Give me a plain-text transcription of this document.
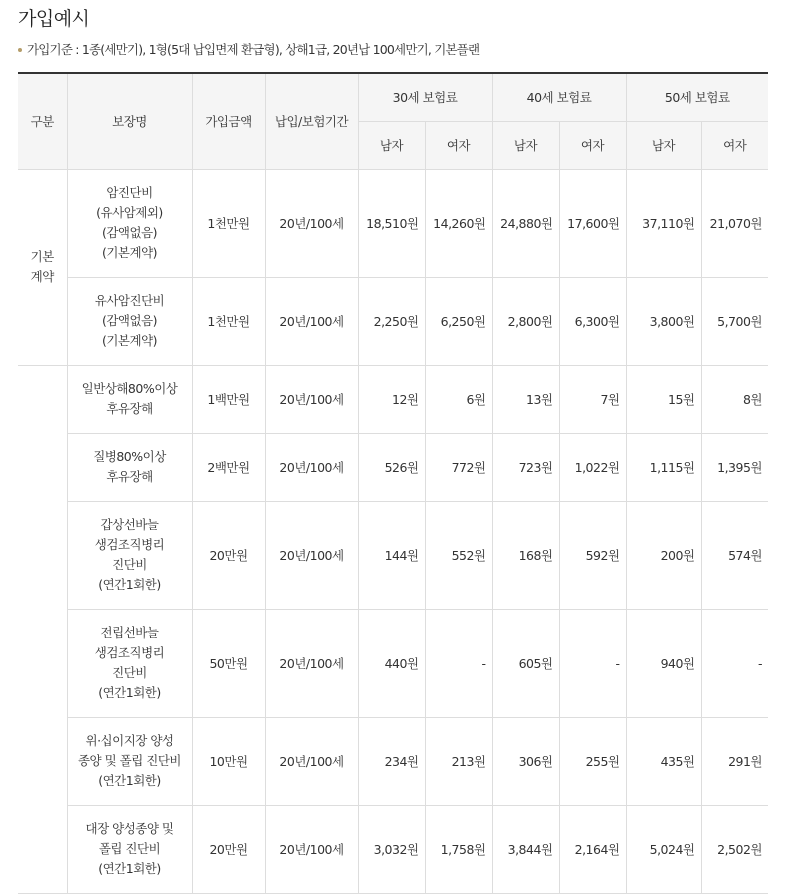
가입예시
가입기준 : 1종(세만기), 1형(5대 납입면제 환급형), 상해1급, 20년납 100세만기, 기본플랜
구분	보장명	가입금액	납입/보험기간	30세 보험료		40세 보험료		50세 보험료	
				남자	여자	남자	여자	남자	여자
기본
계약	암진단비
(유사암제외)
(감액없음)
(기본계약)	1천만원	20년/100세	18,510원	14,260원	24,880원	17,600원	37,110원	21,070원
	유사암진단비
(감액없음)
(기본계약)	1천만원	20년/100세	2,250원	6,250원	2,800원	6,300원	3,800원	5,700원
	일반상해80%이상
후유장해	1백만원	20년/100세	12원	6원	13원	7원	15원	8원
	질병80%이상
후유장해	2백만원	20년/100세	526원	772원	723원	1,022원	1,115원	1,395원
	갑상선바늘
생검조직병리
진단비
(연간1회한)	20만원	20년/100세	144원	552원	168원	592원	200원	574원
	전립선바늘
생검조직병리
진단비
(연간1회한)	50만원	20년/100세	440원	-	605원	-	940원	-
	위·십이지장 양성
종양 및 폴립 진단비
(연간1회한)	10만원	20년/100세	234원	213원	306원	255원	435원	291원
	대장 양성종양 및
폴립 진단비
(연간1회한)	20만원	20년/100세	3,032원	1,758원	3,844원	2,164원	5,024원	2,502원
